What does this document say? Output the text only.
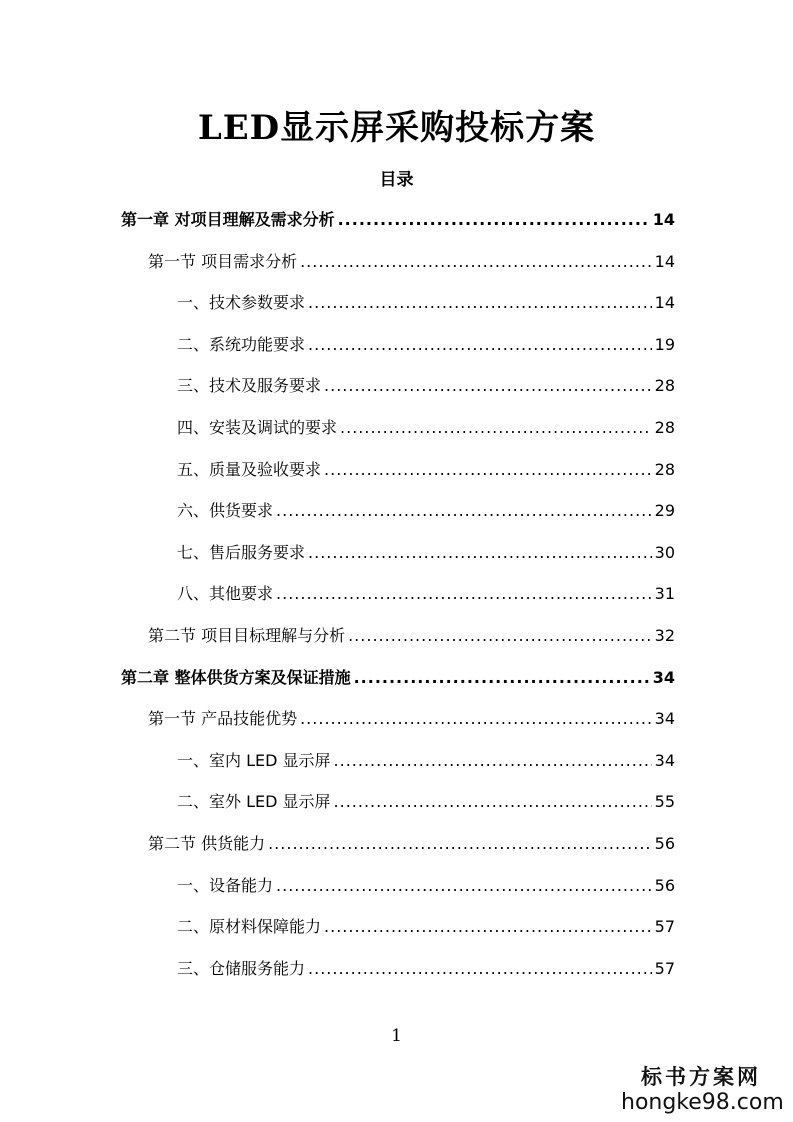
LED显示屏采购投标方案
目录
第一章 对项目理解及需求分析 .....	14
第一节 项目需求分析 .....	14
一、技术参数要求 .....	14
二、系统功能要求 .....	19
三、技术及服务要求 .....	28
四、安装及调试的要求 .....	28
五、质量及验收要求 .....	28
六、供货要求 .....	29
七、售后服务要求 .....	30
八、其他要求 .....	31
第二节 项目目标理解与分析 .....	32
第二章 整体供货方案及保证措施 .....	34
第一节 产品技能优势 .....	34
一、室内 LED 显示屏 .....	34
二、室外 LED 显示屏 .....	55
第二节 供货能力 .....	56
一、设备能力 .....	56
二、原材料保障能力 .....	57
三、仓储服务能力 .....	57
1
标书方案网
hongke98.com
